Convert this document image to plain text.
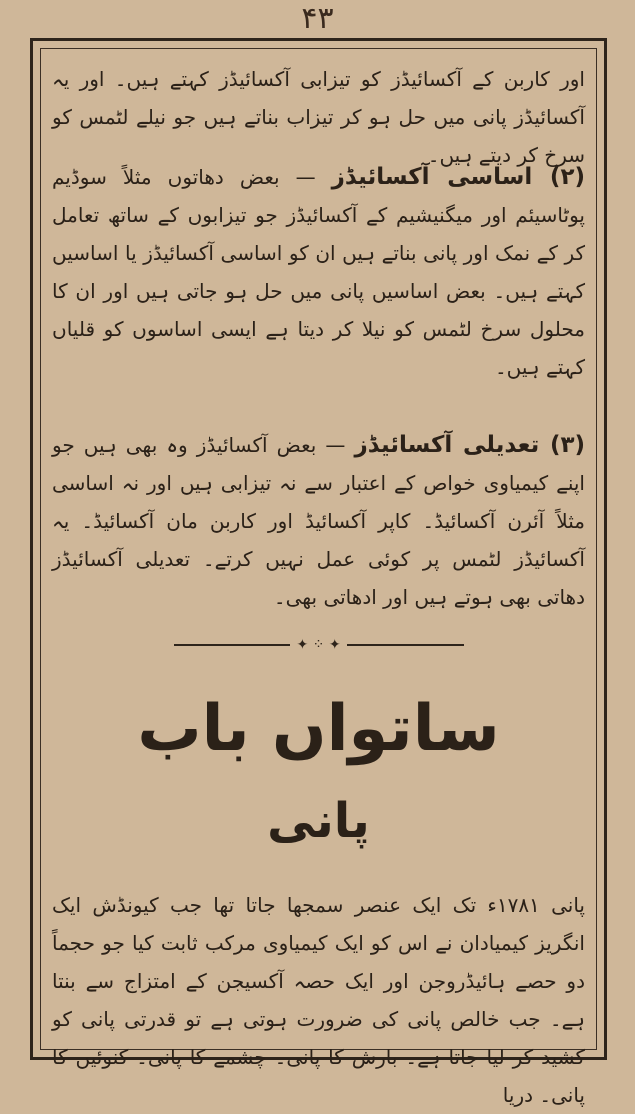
۴۳

اور کاربن کے آکسائیڈز کو تیزابی آکسائیڈز کہتے ہیں۔ اور یہ آکسائیڈز پانی میں حل ہو کر تیزاب بناتے ہیں جو نیلے لٹمس کو سرخ کر دیتے ہیں۔

(۲) اساسی آکسائیڈز — بعض دھاتوں مثلاً سوڈیم پوٹاسیئم اور میگنیشیم کے آکسائیڈز جو تیزابوں کے ساتھ تعامل کر کے نمک اور پانی بناتے ہیں ان کو اساسی آکسائیڈز یا اساسیں کہتے ہیں۔ بعض اساسیں پانی میں حل ہو جاتی ہیں اور ان کا محلول سرخ لٹمس کو نیلا کر دیتا ہے ایسی اساسوں کو قلیاں کہتے ہیں۔

(۳) تعدیلی آکسائیڈز — بعض آکسائیڈز وہ بھی ہیں جو اپنے کیمیاوی خواص کے اعتبار سے نہ تیزابی ہیں اور نہ اساسی مثلاً آئرن آکسائیڈ۔ کاپر آکسائیڈ اور کاربن مان آکسائیڈ۔ یہ آکسائیڈز لٹمس پر کوئی عمل نہیں کرتے۔ تعدیلی آکسائیڈز دھاتی بھی ہوتے ہیں اور ادھاتی بھی۔

✦ ⁘ ✦
ساتواں باب
پانی

پانی ۱۷۸۱ء تک ایک عنصر سمجھا جاتا تھا جب کیونڈش ایک انگریز کیمیادان نے اس کو ایک کیمیاوی مرکب ثابت کیا جو حجماً دو حصے ہائیڈروجن اور ایک حصہ آکسیجن کے امتزاج سے بنتا ہے۔ جب خالص پانی کی ضرورت ہوتی ہے تو قدرتی پانی کو کشید کر لیا جاتا ہے۔ بارش کا پانی۔ چشمے کا پانی۔ کنوئیں کا پانی۔ دریا
